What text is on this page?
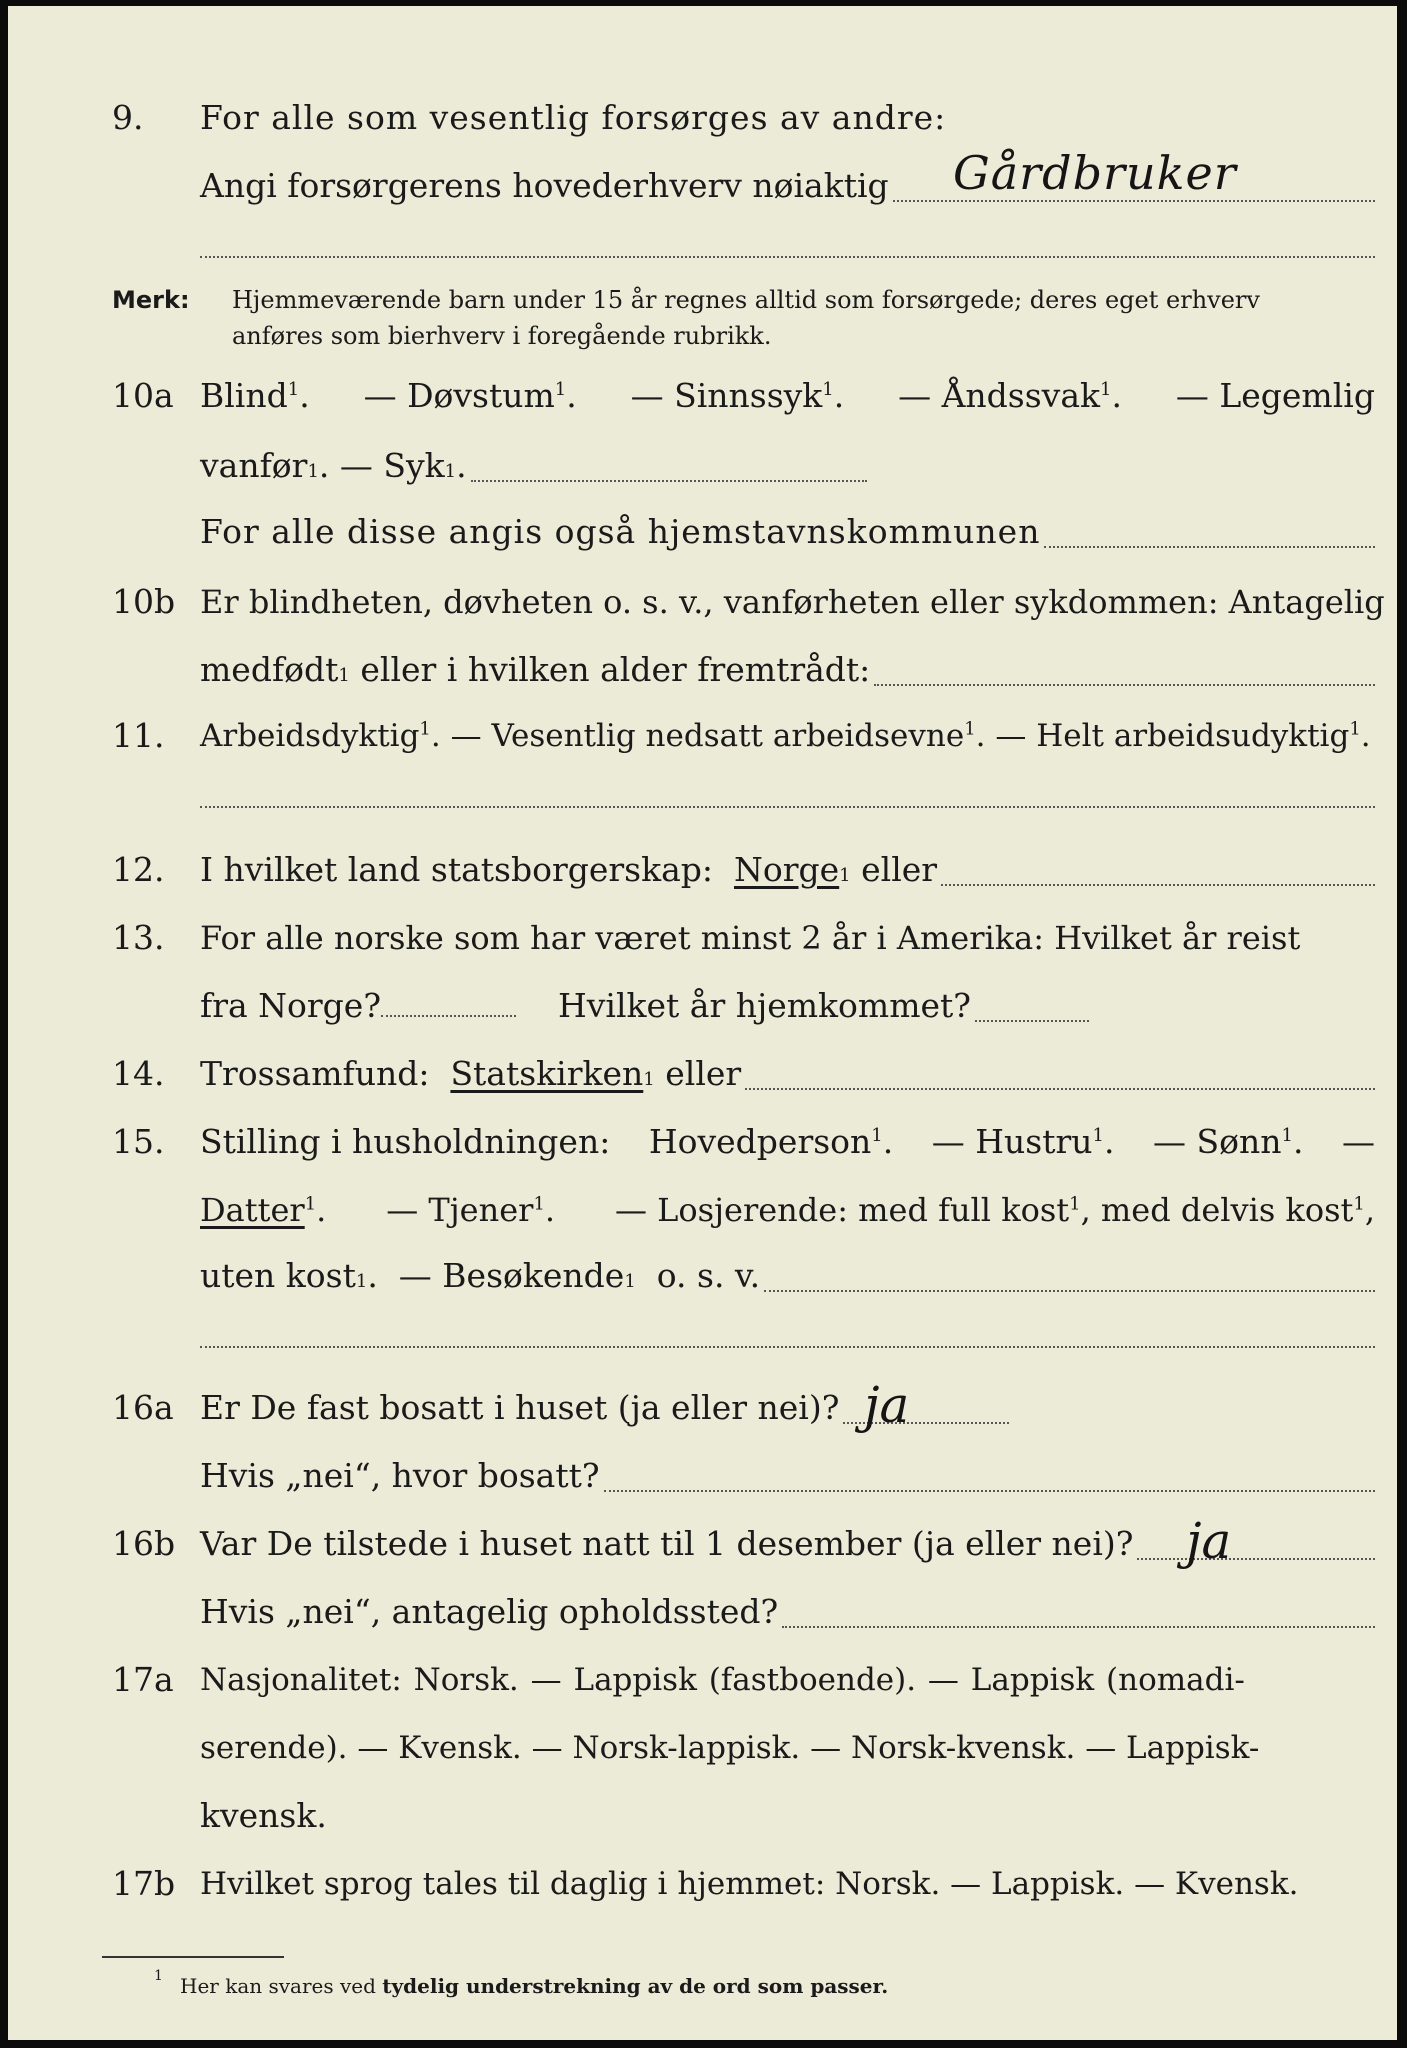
9.	For alle som vesentlig forsørges av andre:
Angi forsørgerens hovederhverv nøiaktig Gårdbruker
Merk: Hjemmeværende barn under 15 år regnes alltid som forsørgede; deres eget erhverv
anføres som bierhverv i foregående rubrikk.
10a Blind$^1$. — Døvstum$^1$. — Sinnssyk$^1$. — Åndssvak$^1$. — Legemlig
vanfør 1 . — Syk 1 .
For alle disse angis også hjemstavnskommunen
10b Er blindheten, døvheten o. s. v., vanførheten eller sykdommen: Antagelig
medfødt 1
eller i hvilken alder fremtrådt:
11.	Arbeidsdyktig$^1$. — Vesentlig nedsatt arbeidsevne$^1$. — Helt arbeidsudyktig$^1$.
12.	I hvilket land statsborgerskap:
Norge 1
eller
13.	For alle norske som har været minst 2 år i Amerika: Hvilket år reist
fra Norge?
	Hvilket år hjemkommet?
14.	Trossamfund:
Statskirken 1
eller
15.	Stilling i husholdningen: Hovedperson$^1$. — Hustru$^1$. — Sønn$^1$. —
Datter$^1$. — Tjener$^1$. — Losjerende: med full kost$^1$, med delvis kost$^1$,
uten kost 1 . — Besøkende 1
o. s. v.
16a Er De fast bosatt i huset (ja eller nei)? ja
Hvis „nei“, hvor bosatt?
16b Var De tilstede i huset natt til 1 desember (ja eller nei)? ja
Hvis „nei“, antagelig opholdssted?
17a Nasjonalitet: Norsk. — Lappisk (fastboende). — Lappisk (nomadi-
serende). — Kvensk. — Norsk-lappisk. — Norsk-kvensk. — Lappisk-
kvensk.
17b Hvilket sprog tales til daglig i hjemmet: Norsk. — Lappisk. — Kvensk.
1 Her kan svares ved tydelig understrekning av de ord som passer.
